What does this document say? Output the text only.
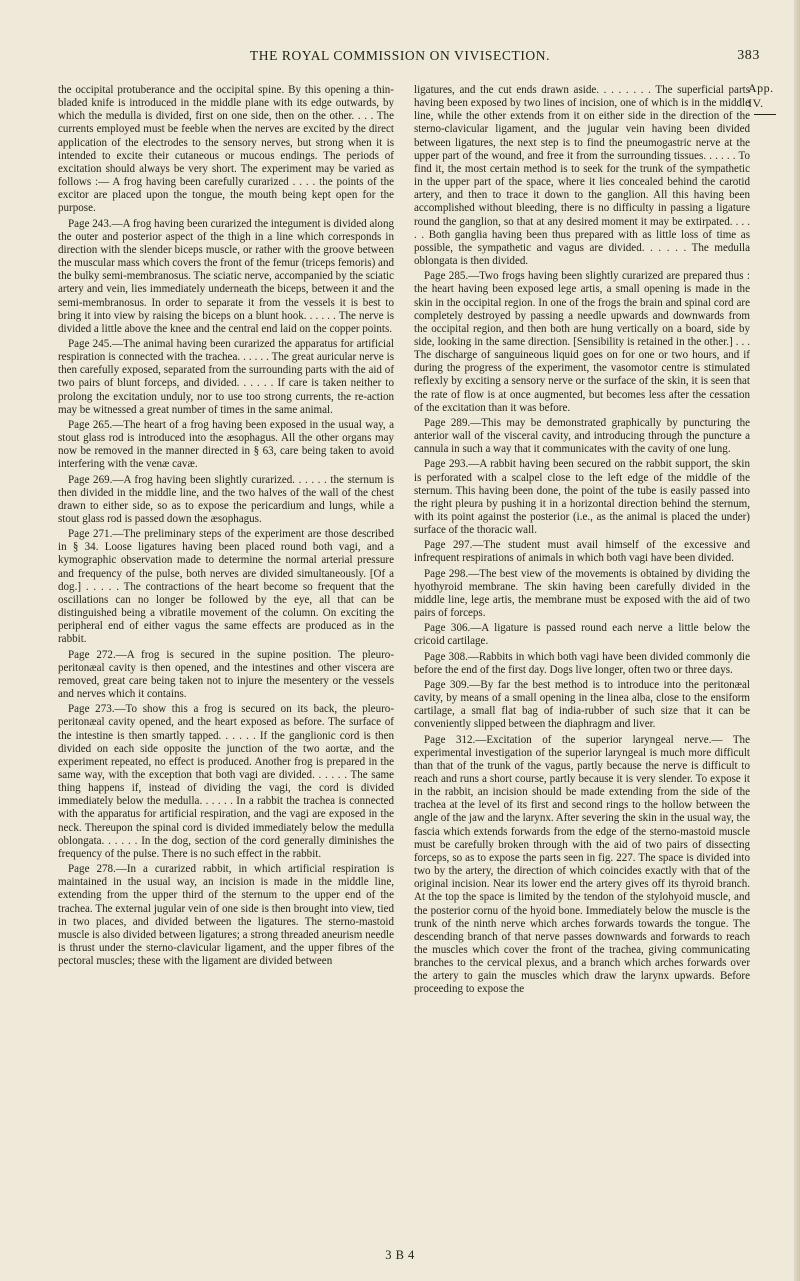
THE ROYAL COMMISSION ON VIVISECTION.	383
App. IV.

the occipital protuberance and the occipital spine. By this opening a thin-bladed knife is introduced in the middle plane with its edge outwards, by which the medulla is divided, first on one side, then on the other. . . . The currents employed must be feeble when the nerves are excited by the direct application of the electrodes to the sensory nerves, but strong when it is intended to excite their cutaneous or mucous endings. The periods of excitation should always be very short. The experiment may be varied as follows :— A frog having been carefully curarized . . . . the points of the excitor are placed upon the tongue, the mouth being kept open for the purpose.

Page 243.—A frog having been curarized the integument is divided along the outer and posterior aspect of the thigh in a line which corresponds in direction with the slender biceps muscle, or rather with the groove between the muscular mass which covers the front of the femur (triceps femoris) and the bulky semi-membranosus. The sciatic nerve, accompanied by the sciatic artery and vein, lies immediately underneath the biceps, between it and the semi-membranosus. In order to separate it from the vessels it is best to bring it into view by raising the biceps on a blunt hook. . . . . . The nerve is divided a little above the knee and the central end laid on the copper points.

Page 245.—The animal having been curarized the apparatus for artificial respiration is connected with the trachea. . . . . . The great auricular nerve is then carefully exposed, separated from the surrounding parts with the aid of two pairs of blunt forceps, and divided. . . . . . If care is taken neither to prolong the excitation unduly, nor to use too strong currents, the re-action may be witnessed a great number of times in the same animal.

Page 265.—The heart of a frog having been exposed in the usual way, a stout glass rod is introduced into the æsophagus. All the other organs may now be removed in the manner directed in § 63, care being taken to avoid interfering with the venæ cavæ.

Page 269.—A frog having been slightly curarized. . . . . . the sternum is then divided in the middle line, and the two halves of the wall of the chest drawn to either side, so as to expose the pericardium and lungs, while a stout glass rod is passed down the æsophagus.

Page 271.—The preliminary steps of the experiment are those described in § 34. Loose ligatures having been placed round both vagi, and a kymographic observation made to determine the normal arterial pressure and frequency of the pulse, both nerves are divided simultaneously. [Of a dog.] . . . . . The contractions of the heart become so frequent that the oscillations can no longer be followed by the eye, all that can be distinguished being a vibratile movement of the column. On exciting the peripheral end of either vagus the same effects are produced as in the rabbit.

Page 272.—A frog is secured in the supine position. The pleuro-peritonæal cavity is then opened, and the intestines and other viscera are removed, great care being taken not to injure the mesentery or the vessels and nerves which it contains.

Page 273.—To show this a frog is secured on its back, the pleuro-peritonæal cavity opened, and the heart exposed as before. The surface of the intestine is then smartly tapped. . . . . . If the ganglionic cord is then divided on each side opposite the junction of the two aortæ, and the experiment repeated, no effect is produced. Another frog is prepared in the same way, with the exception that both vagi are divided. . . . . . The same thing happens if, instead of dividing the vagi, the cord is divided immediately below the medulla. . . . . . In a rabbit the trachea is connected with the apparatus for artificial respiration, and the vagi are exposed in the neck. Thereupon the spinal cord is divided immediately below the medulla oblongata. . . . . . In the dog, section of the cord generally diminishes the frequency of the pulse. There is no such effect in the rabbit.

Page 278.—In a curarized rabbit, in which artificial respiration is maintained in the usual way, an incision is made in the middle line, extending from the upper third of the sternum to the upper end of the trachea. The external jugular vein of one side is then brought into view, tied in two places, and divided between the ligatures. The sterno-mastoid muscle is also divided between ligatures; a strong threaded aneurism needle is thrust under the sterno-clavicular ligament, and the upper fibres of the pectoral muscles; these with the ligament are divided between

ligatures, and the cut ends drawn aside. . . . . . . . The superficial parts having been exposed by two lines of incision, one of which is in the middle line, while the other extends from it on either side in the direction of the sterno-clavicular ligament, and the jugular vein having been divided between ligatures, the next step is to find the pneumogastric nerve at the upper part of the wound, and free it from the surrounding tissues. . . . . . To find it, the most certain method is to seek for the trunk of the sympathetic in the upper part of the space, where it lies concealed behind the carotid artery, and then to trace it down to the ganglion. All this having been accomplished without bleeding, there is no difficulty in passing a ligature round the ganglion, so that at any desired moment it may be extirpated. . . . . . Both ganglia having been thus prepared with as little loss of time as possible, the sympathetic and vagus are divided. . . . . . The medulla oblongata is then divided.

Page 285.—Two frogs having been slightly curarized are prepared thus : the heart having been exposed lege artis, a small opening is made in the skin in the occipital region. In one of the frogs the brain and spinal cord are completely destroyed by passing a needle upwards and downwards from the occipital region, and then both are hung vertically on a board, side by side, looking in the same direction. [Sensibility is retained in the other.] . . . The discharge of sanguineous liquid goes on for one or two hours, and if during the progress of the experiment, the vasomotor centre is stimulated reflexly by exciting a sensory nerve or the surface of the skin, it is seen that the rate of flow is at once augmented, but becomes less after the cessation of the excitation than it was before.

Page 289.—This may be demonstrated graphically by puncturing the anterior wall of the visceral cavity, and introducing through the puncture a cannula in such a way that it communicates with the cavity of one lung.

Page 293.—A rabbit having been secured on the rabbit support, the skin is perforated with a scalpel close to the left edge of the middle of the sternum. This having been done, the point of the tube is easily passed into the right pleura by pushing it in a horizontal direction behind the sternum, with its point against the posterior (i.e., as the animal is placed the under) surface of the thoracic wall.

Page 297.—The student must avail himself of the excessive and infrequent respirations of animals in which both vagi have been divided.

Page 298.—The best view of the movements is obtained by dividing the hyothyroid membrane. The skin having been carefully divided in the middle line, lege artis, the membrane must be exposed with the aid of two pairs of forceps.

Page 306.—A ligature is passed round each nerve a little below the cricoid cartilage.

Page 308.—Rabbits in which both vagi have been divided commonly die before the end of the first day. Dogs live longer, often two or three days.

Page 309.—By far the best method is to introduce into the peritonæal cavity, by means of a small opening in the linea alba, close to the ensiform cartilage, a small flat bag of india-rubber of such size that it can be conveniently slipped between the diaphragm and liver.

Page 312.—Excitation of the superior laryngeal nerve.— The experimental investigation of the superior laryngeal is much more difficult than that of the trunk of the vagus, partly because the nerve is difficult to reach and runs a short course, partly because it is very slender. To expose it in the rabbit, an incision should be made extending from the side of the trachea at the level of its first and second rings to the hollow between the angle of the jaw and the larynx. After severing the skin in the usual way, the fascia which extends forwards from the edge of the sterno-mastoid muscle must be carefully broken through with the aid of two pairs of dissecting forceps, so as to expose the parts seen in fig. 227. The space is divided into two by the artery, the direction of which coincides exactly with that of the original incision. Near its lower end the artery gives off its thyroid branch. At the top the space is limited by the tendon of the stylohyoid muscle, and the posterior cornu of the hyoid bone. Immediately below the muscle is the trunk of the ninth nerve which arches forwards towards the tongue. The descending branch of that nerve passes downwards and forwards to reach the muscles which cover the front of the trachea, giving communicating branches to the cervical plexus, and a branch which arches forwards over the artery to gain the muscles which draw the larynx upwards. Before proceeding to expose the

3 B 4
